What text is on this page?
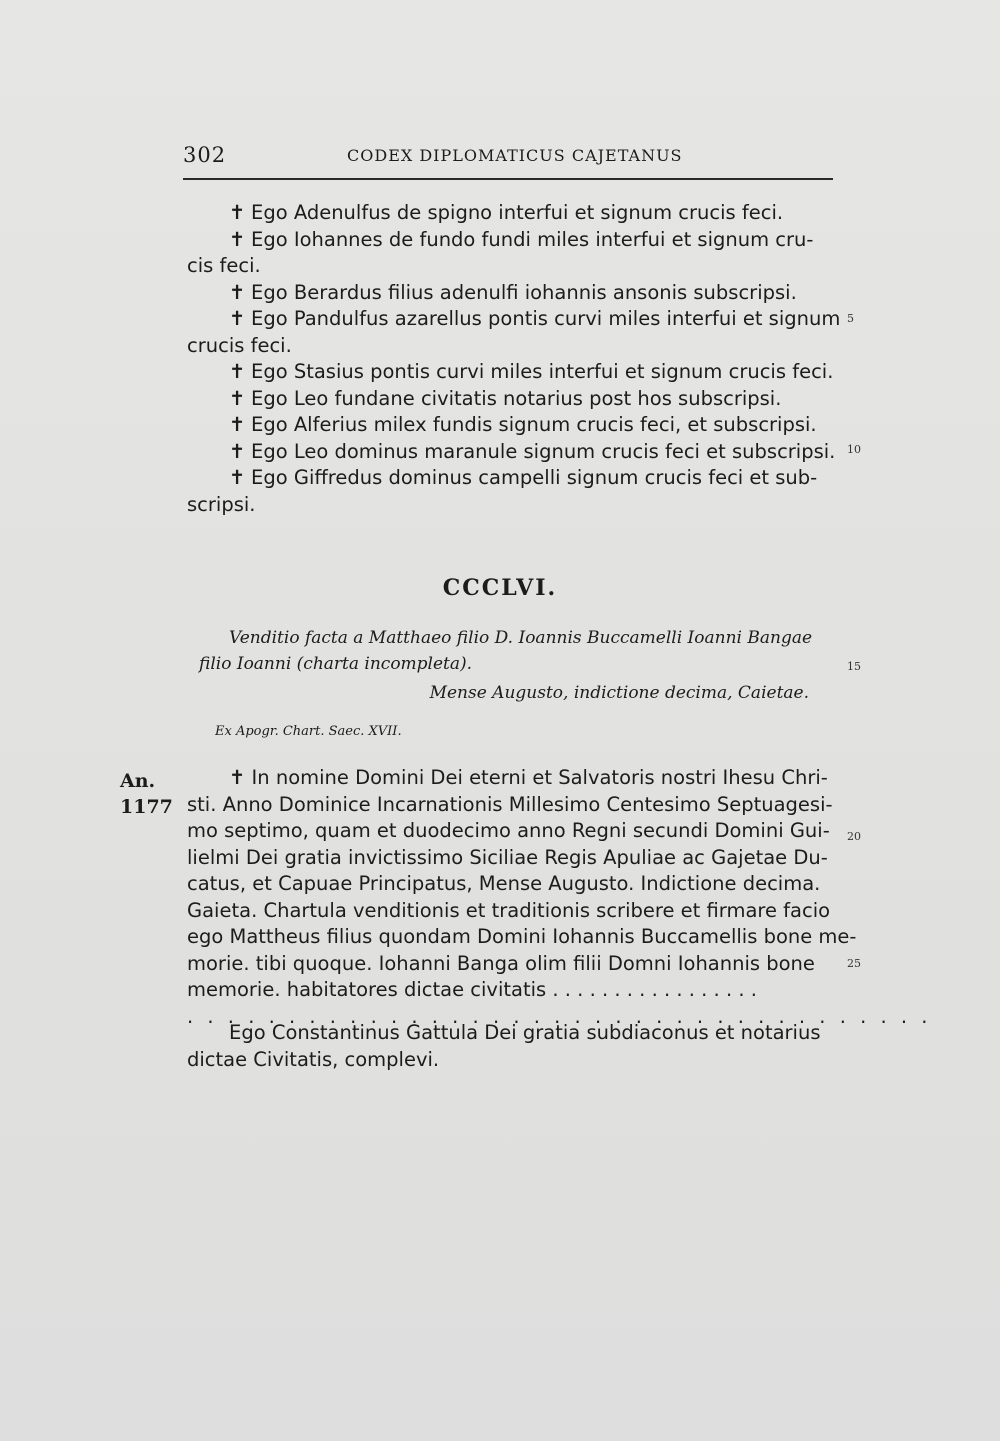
302	CODEX DIPLOMATICUS CAJETANUS
✝ Ego Adenulfus de spigno interfui et signum crucis feci.
✝ Ego Iohannes de fundo fundi miles interfui et signum cru-
cis feci.
✝ Ego Berardus filius adenulfi iohannis ansonis subscripsi.
✝ Ego Pandulfus azarellus pontis curvi miles interfui et signum
crucis feci.
✝ Ego Stasius pontis curvi miles interfui et signum crucis feci.
✝ Ego Leo fundane civitatis notarius post hos subscripsi.
✝ Ego Alferius milex fundis signum crucis feci, et subscripsi.
✝ Ego Leo dominus maranule signum crucis feci et subscripsi.
✝ Ego Giffredus dominus campelli signum crucis feci et sub-
scripsi.
5
10
15
20
25
CCCLVI.
Venditio facta a Matthaeo filio D. Ioannis Buccamelli Ioanni Bangae
filio Ioanni (charta incompleta).
Mense Augusto, indictione decima, Caietae.
Ex Apogr. Chart. Saec. XVII.
An.
1177
✝ In nomine Domini Dei eterni et Salvatoris nostri Ihesu Chri-
sti. Anno Dominice Incarnationis Millesimo Centesimo Septuagesi-
mo septimo, quam et duodecimo anno Regni secundi Domini Gui-
lielmi Dei gratia invictissimo Siciliae Regis Apuliae ac Gajetae Du-
catus, et Capuae Principatus, Mense Augusto. Indictione decima.
Gaieta. Chartula venditionis et traditionis scribere et firmare facio
ego Mattheus filius quondam Domini Iohannis Buccamellis bone me-
morie. tibi quoque. Iohanni Banga olim filii Domni Iohannis bone
memorie. habitatores dictae civitatis . . . . . . . . . . . . . . . . .
. . . . . . . . . . . . . . . . . . . . . . . . . . . . . . . . . . . . .
Ego Constantinus Gattula Dei gratia subdiaconus et notarius
dictae Civitatis, complevi.
